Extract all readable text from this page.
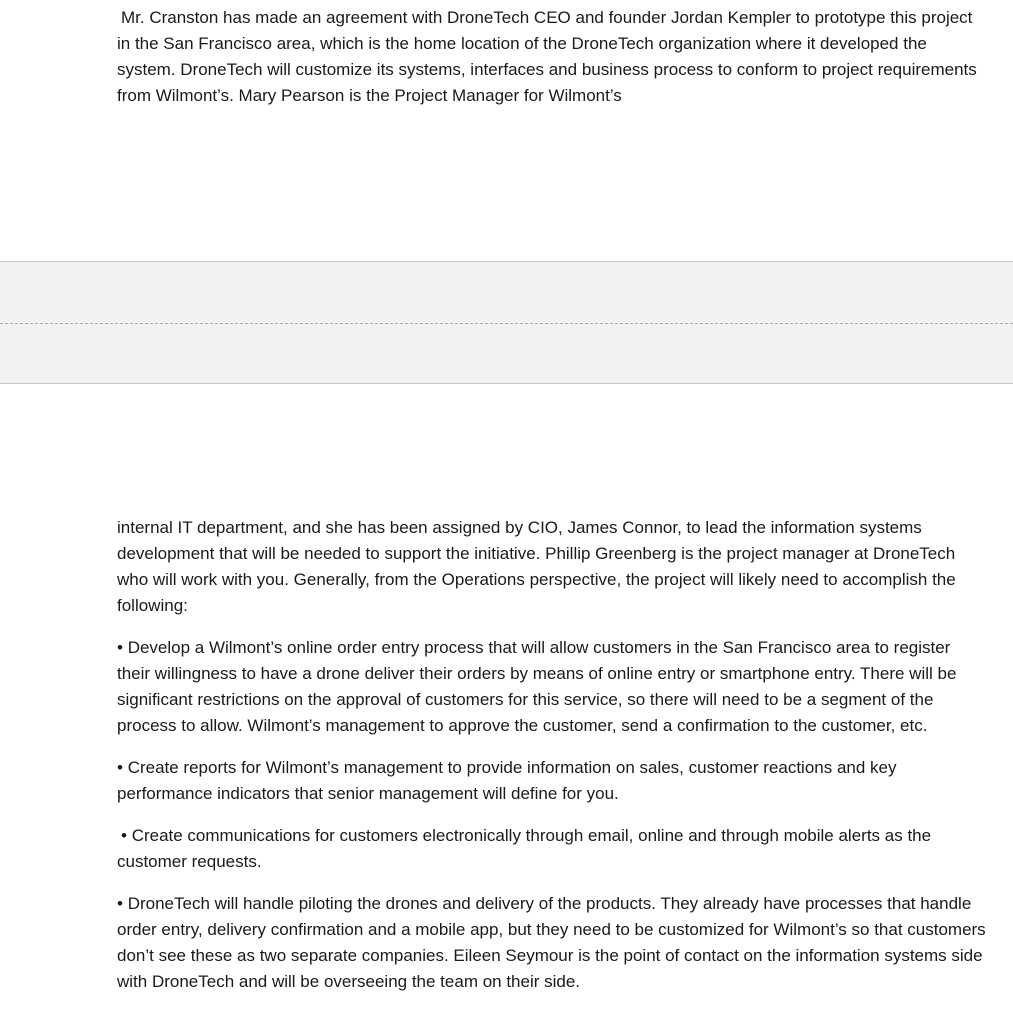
Mr. Cranston has made an agreement with DroneTech CEO and founder Jordan Kempler to prototype this project in the San Francisco area, which is the home location of the DroneTech organization where it developed the system. DroneTech will customize its systems, interfaces and business process to conform to project requirements from Wilmont’s. Mary Pearson is the Project Manager for Wilmont’s

internal IT department, and she has been assigned by CIO, James Connor, to lead the information systems development that will be needed to support the initiative. Phillip Greenberg is the project manager at DroneTech who will work with you. Generally, from the Operations perspective, the project will likely need to accomplish the following:

• Develop a Wilmont’s online order entry process that will allow customers in the San Francisco area to register their willingness to have a drone deliver their orders by means of online entry or smartphone entry. There will be significant restrictions on the approval of customers for this service, so there will need to be a segment of the process to allow. Wilmont’s management to approve the customer, send a confirmation to the customer, etc.

• Create reports for Wilmont’s management to provide information on sales, customer reactions and key performance indicators that senior management will define for you.

• Create communications for customers electronically through email, online and through mobile alerts as the customer requests.

• DroneTech will handle piloting the drones and delivery of the products. They already have processes that handle order entry, delivery confirmation and a mobile app, but they need to be customized for Wilmont’s so that customers don’t see these as two separate companies. Eileen Seymour is the point of contact on the information systems side with DroneTech and will be overseeing the team on their side.
